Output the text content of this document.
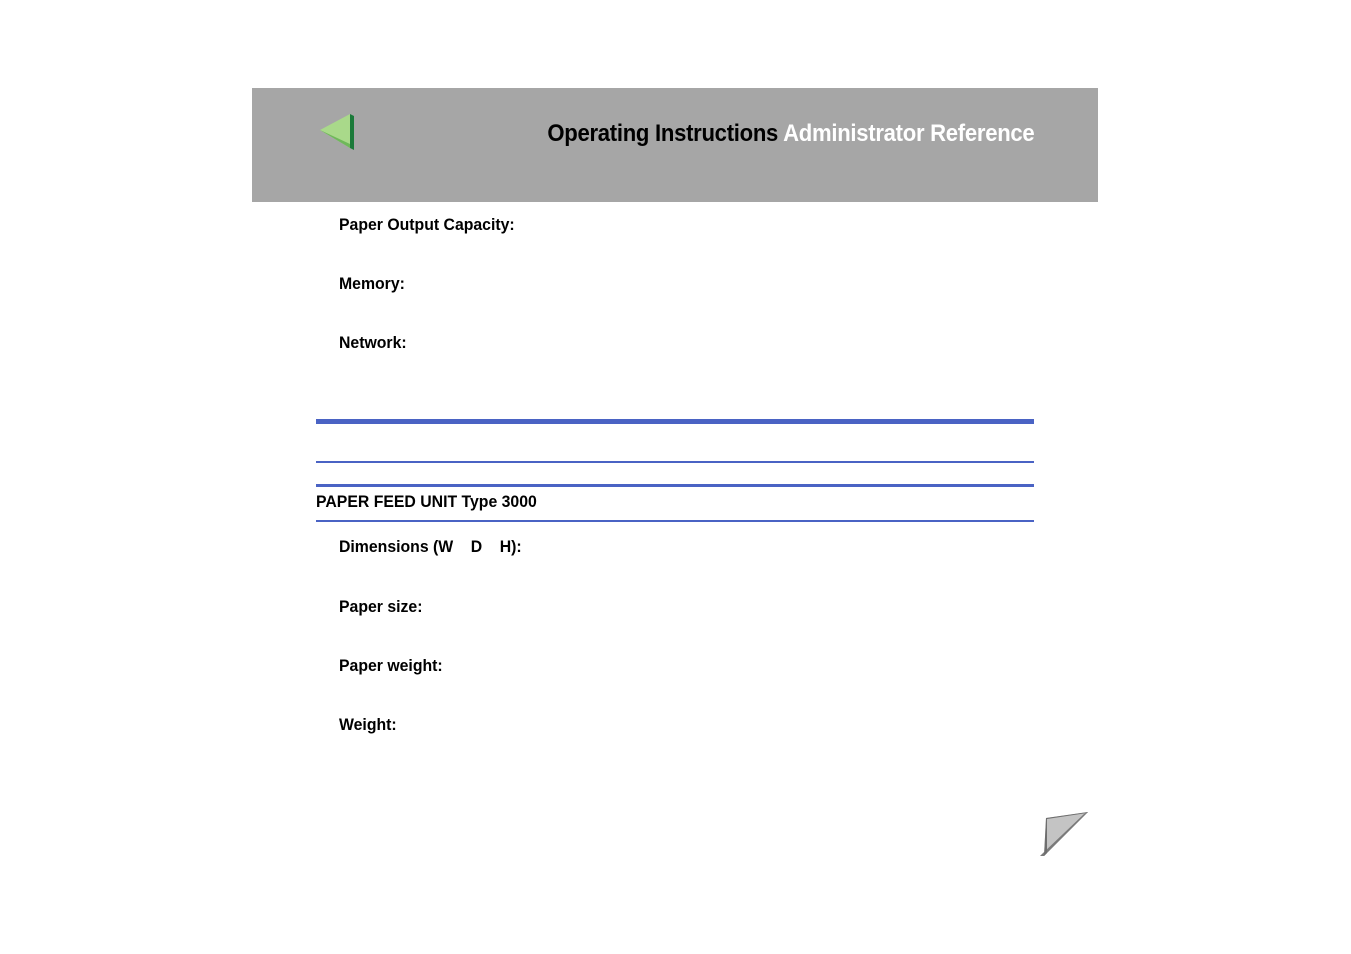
Operating Instructions Administrator Reference
Paper Output Capacity:
Memory:
Network:
PAPER FEED UNIT Type 3000
Dimensions (W    D    H):
Paper size:
Paper weight:
Weight:
